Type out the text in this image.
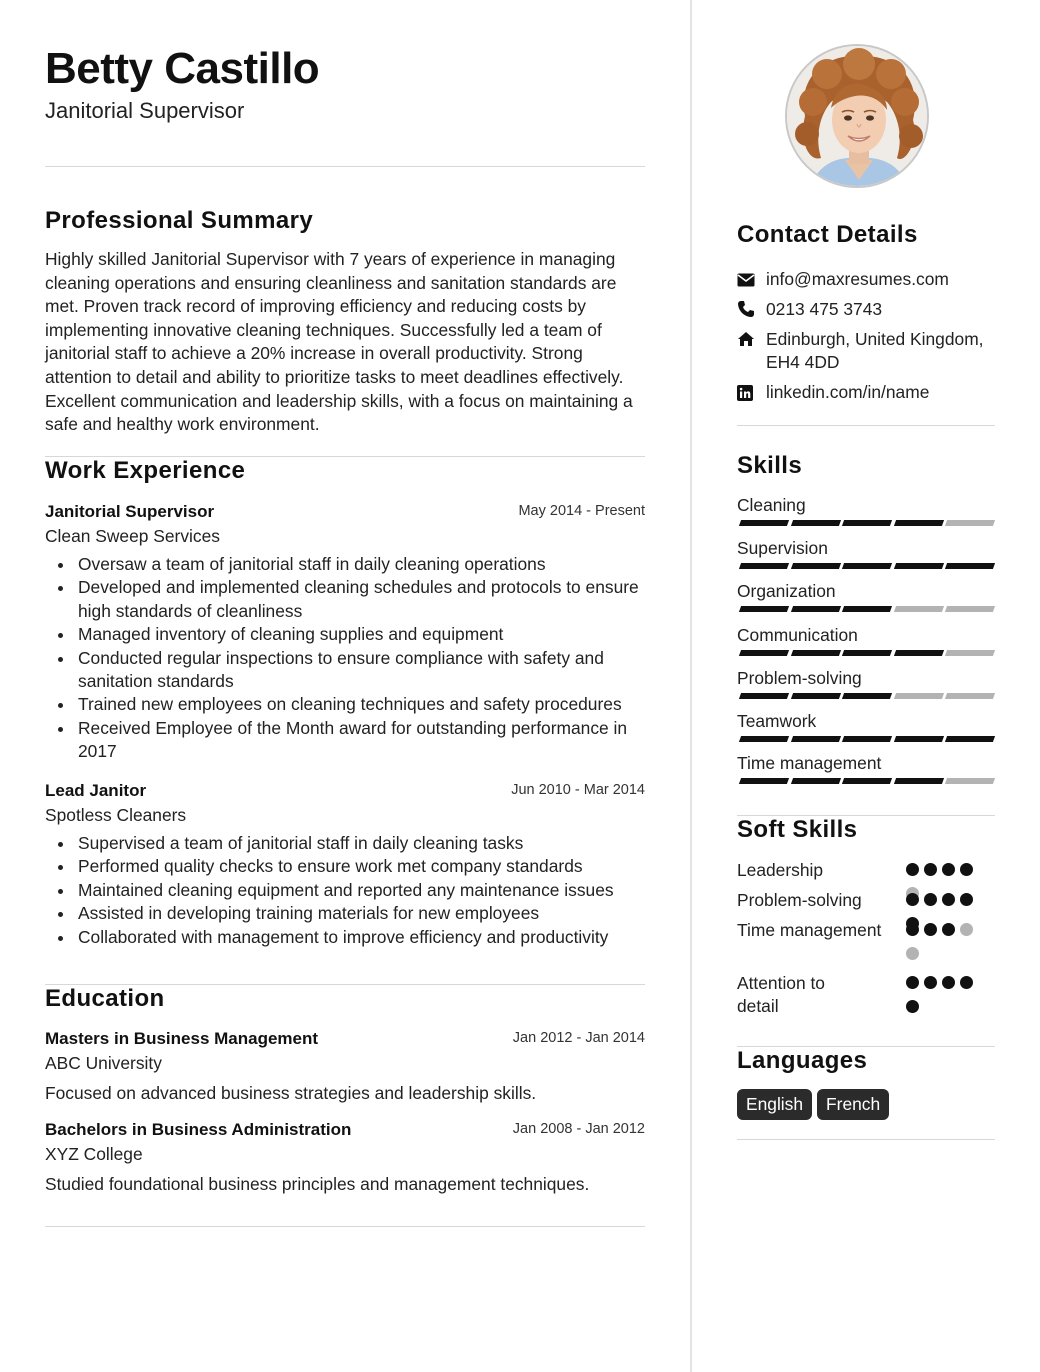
Betty Castillo
Janitorial Supervisor
Professional Summary
Highly skilled Janitorial Supervisor with 7 years of experience in managing cleaning operations and ensuring cleanliness and sanitation standards are met. Proven track record of improving efficiency and reducing costs by implementing innovative cleaning techniques. Successfully led a team of janitorial staff to achieve a 20% increase in overall productivity. Strong attention to detail and ability to prioritize tasks to meet deadlines effectively. Excellent communication and leadership skills, with a focus on maintaining a safe and healthy work environment.
Work Experience
Janitorial Supervisor	May 2014 - Present
Clean Sweep Services
Oversaw a team of janitorial staff in daily cleaning operations
Developed and implemented cleaning schedules and protocols to ensure high standards of cleanliness
Managed inventory of cleaning supplies and equipment
Conducted regular inspections to ensure compliance with safety and sanitation standards
Trained new employees on cleaning techniques and safety procedures
Received Employee of the Month award for outstanding performance in 2017
Lead Janitor	Jun 2010 - Mar 2014
Spotless Cleaners
Supervised a team of janitorial staff in daily cleaning tasks
Performed quality checks to ensure work met company standards
Maintained cleaning equipment and reported any maintenance issues
Assisted in developing training materials for new employees
Collaborated with management to improve efficiency and productivity
Education
Masters in Business Management	Jan 2012 - Jan 2014
ABC University
Focused on advanced business strategies and leadership skills.
Bachelors in Business Administration	Jan 2008 - Jan 2012
XYZ College
Studied foundational business principles and management techniques.
Contact Details
info@maxresumes.com
0213 475 3743
Edinburgh, United Kingdom, EH4 4DD
linkedin.com/in/name
Skills
Cleaning
Supervision
Organization
Communication
Problem-solving
Teamwork
Time management
Soft Skills
Leadership
Problem-solving
Time management
Attention to detail
Languages
English French
